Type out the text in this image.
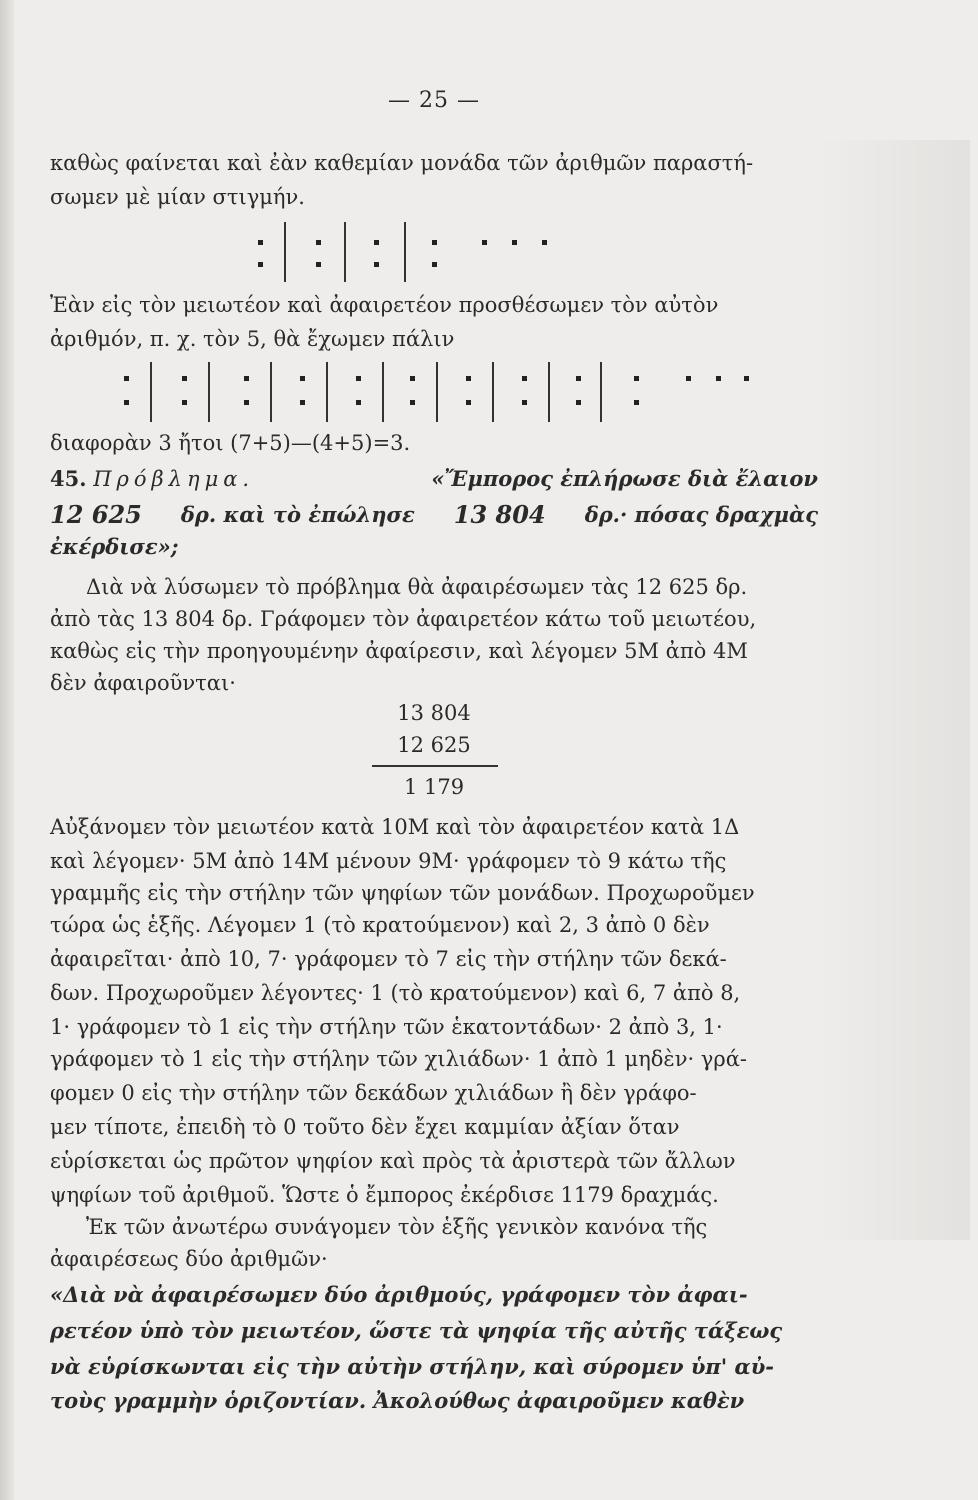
— 25 —
καθὼς φαίνεται καὶ ἐὰν καθεμίαν μονάδα τῶν ἀριθμῶν παραστή-
σωμεν μὲ μίαν στιγμήν.
Ἐὰν εἰς τὸν μειωτέον καὶ ἀφαιρετέον προσθέσωμεν τὸν αὐτὸν
ἀριθμόν, π. χ. τὸν 5, θὰ ἔχωμεν πάλιν
διαφορὰν 3 ἤτοι (7+5)—(4+5)=3.
45. Πρόβλημα.	«Ἔμπορος ἐπλήρωσε διὰ ἔλαιον
12 625 δρ. καὶ τὸ ἐπώλησε 13 804 δρ.· πόσας δραχμὰς
ἐκέρδισε»;
Διὰ νὰ λύσωμεν τὸ πρόβλημα θὰ ἀφαιρέσωμεν τὰς 12 625 δρ.
ἀπὸ τὰς 13 804 δρ. Γράφομεν τὸν ἀφαιρετέον κάτω τοῦ μειωτέου,
καθὼς εἰς τὴν προηγουμένην ἀφαίρεσιν, καὶ λέγομεν 5Μ ἀπὸ 4Μ
δὲν ἀφαιροῦνται·
13 804
12 625
1 179
Αὐξάνομεν τὸν μειωτέον κατὰ 10Μ καὶ τὸν ἀφαιρετέον κατὰ 1Δ
καὶ λέγομεν· 5Μ ἀπὸ 14Μ μένουν 9Μ· γράφομεν τὸ 9 κάτω τῆς
γραμμῆς εἰς τὴν στήλην τῶν ψηφίων τῶν μονάδων. Προχωροῦμεν
τώρα ὡς ἑξῆς. Λέγομεν 1 (τὸ κρατούμενον) καὶ 2, 3 ἀπὸ 0 δὲν
ἀφαιρεῖται· ἀπὸ 10, 7· γράφομεν τὸ 7 εἰς τὴν στήλην τῶν δεκά-
δων. Προχωροῦμεν λέγοντες· 1 (τὸ κρατούμενον) καὶ 6, 7 ἀπὸ 8,
1· γράφομεν τὸ 1 εἰς τὴν στήλην τῶν ἑκατοντάδων· 2 ἀπὸ 3, 1·
γράφομεν τὸ 1 εἰς τὴν στήλην τῶν χιλιάδων· 1 ἀπὸ 1 μηδὲν· γρά-
φομεν 0 εἰς τὴν στήλην τῶν δεκάδων χιλιάδων ἢ δὲν γράφο-
μεν τίποτε, ἐπειδὴ τὸ 0 τοῦτο δὲν ἔχει καμμίαν ἀξίαν ὅταν
εὑρίσκεται ὡς πρῶτον ψηφίον καὶ πρὸς τὰ ἀριστερὰ τῶν ἄλλων
ψηφίων τοῦ ἀριθμοῦ. Ὥστε ὁ ἔμπορος ἐκέρδισε 1179 δραχμάς.
Ἐκ τῶν ἀνωτέρω συνάγομεν τὸν ἑξῆς γενικὸν κανόνα τῆς
ἀφαιρέσεως δύο ἀριθμῶν·
«Διὰ νὰ ἀφαιρέσωμεν δύο ἀριθμούς, γράφομεν τὸν ἀφαι-
ρετέον ὑπὸ τὸν μειωτέον, ὥστε τὰ ψηφία τῆς αὐτῆς τάξεως
νὰ εὑρίσκωνται εἰς τὴν αὐτὴν στήλην, καὶ σύρομεν ὑπ' αὐ-
τοὺς γραμμὴν ὁριζοντίαν. Ἀκολούθως ἀφαιροῦμεν καθὲν
